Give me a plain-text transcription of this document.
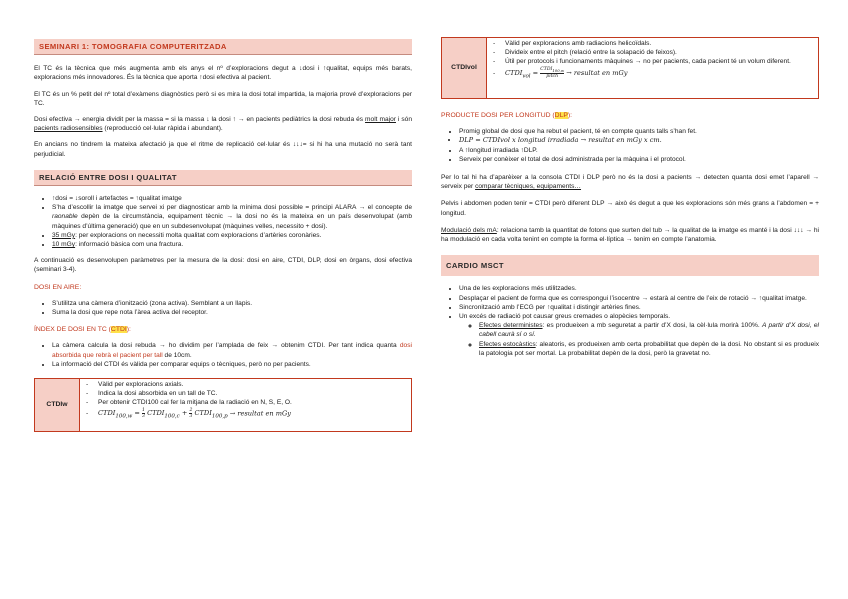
SEMINARI 1: TOMOGRAFIA COMPUTERITZADA

El TC és la tècnica que més augmenta amb els anys el nº d’exploracions degut a ↓dosi i ↑qualitat, equips més barats, exploracions més innovadores. És la tècnica que aporta ↑dosi efectiva al pacient.

El TC és un % petit del nº total d’exàmens diagnòstics però si es mira la dosi total impartida, la majoria prové d’exploracions per TC.

Dosi efectiva → energia dividit per la massa = si la massa ↓ la dosi ↑ → en pacients pediàtrics la dosi rebuda és molt major i són pacients radiosensibles (reproducció cel·lular ràpida i abundant).

En ancians no tindrem la mateixa afectació ja que el ritme de replicació cel·lular és ↓↓↓= si hi ha una mutació no serà tant perjudicial.

RELACIÓ ENTRE DOSI I QUALITAT
• ↑dosi = ↓soroll i artefactes = ↑qualitat imatge
• S’ha d’escollir la imatge que servei xi per diagnosticar amb la mínima dosi possible = principi ALARA → el concepte de raonable depèn de la circumstància, equipament tècnic → la dosi no és la mateixa en un país desenvolupat (amb màquines d’última generació) que en un subdesenvolupat (màquines velles, necessito + dosi).
• 35 mGy: per exploracions on necessiti molta qualitat com exploracions d’artèries coronàries.
• 10 mGy: informació bàsica com una fractura.

A continuació es desenvolupen paràmetres per la mesura de la dosi: dosi en aire, CTDI, DLP, dosi en òrgans, dosi efectiva (seminari 3-4).

DOSI EN AIRE:
• S’utilitza una càmera d’ionització (zona activa). Semblant a un llapis.
• Suma la dosi que repe nota l’àrea activa del receptor.
ÍNDEX DE DOSI EN TC (CTDI):
• La càmera calcula la dosi rebuda → ho dividim per l’amplada de feix → obtenim CTDI. Per tant indica quanta dosi absorbida que rebrà el pacient per tall de 10cm.
• La informació del CTDI és vàlida per comparar equips o tècniques, però no per pacients.
CTDIw
- Vàlid per exploracions axials.
- Indica la dosi absorbida en un tall de TC.
- Per obtenir CTDI100 cal fer la mitjana de la radiació en N, S, E, O.
- $CTDI_{100,w} = \frac{1}{3}$ $CTDI_{100,c} + \frac{2}{3}$ $CTDI_{100,p}$ → resultat en mGy
CTDIvol
- Vàlid per exploracions amb radiacions helicoïdals.
- Divideix entre el pitch (relació entre la solapació de feixos).
- Útil per protocols i funcionaments màquines → no per pacients, cada pacient té un volum diferent.
- $CTDI_{vol} = \frac{CTDI_{100,w}}{\text{pitch}}$ → resultat en mGy
PRODUCTE DOSI PER LONGITUD (DLP):
• Promig global de dosi que ha rebut el pacient, té en compte quants talls s’han fet.
• DLP = CTDIvol x longitud irradiada → resultat en mGy x cm.
• A ↑longitud irradiada ↑DLP.
• Serveix per conèixer el total de dosi administrada per la màquina i el protocol.

Per lo tal hi ha d’aparèixer a la consola CTDI i DLP però no és la dosi a pacients → detecten quanta dosi emet l’aparell → serveix per comparar tècniques, equipaments…

Pelvis i abdomen poden tenir = CTDI però diferent DLP → això és degut a que les exploracions són més grans a l’abdomen = + longitud.

Modulació dels mA: relaciona tamb la quantitat de fotons que surten del tub → la qualitat de la imatge es manté i la dosi ↓↓↓ → hi ha modulació en cada volta tenint en compte la forma el·líptica → tenim en compte l’anatomia.

CARDIO MSCT
• Una de les exploracions més utilitzades.
• Desplaçar el pacient de forma que es correspongui l’isocentre → estarà al centre de l’eix de rotació → ↑qualitat imatge.
• Sincronització amb l’ECG per ↑qualitat i distingir artèries fines.
• Un excés de radiació pot causar greus cremades o alopècies temporals.
◦ Efectes deterministes: es produeixen a mb seguretat a partir d’X dosi, la cèl·lula morirà 100%. A partir d’X dosi, el cabell caurà sí o sí.
◦ Efectes estocàstics: aleatoris, es produeixen amb certa probabilitat que depèn de la dosi. No obstant si es produeix la patologia pot ser mortal. La probabilitat depèn de la dosi, però la gravetat no.
